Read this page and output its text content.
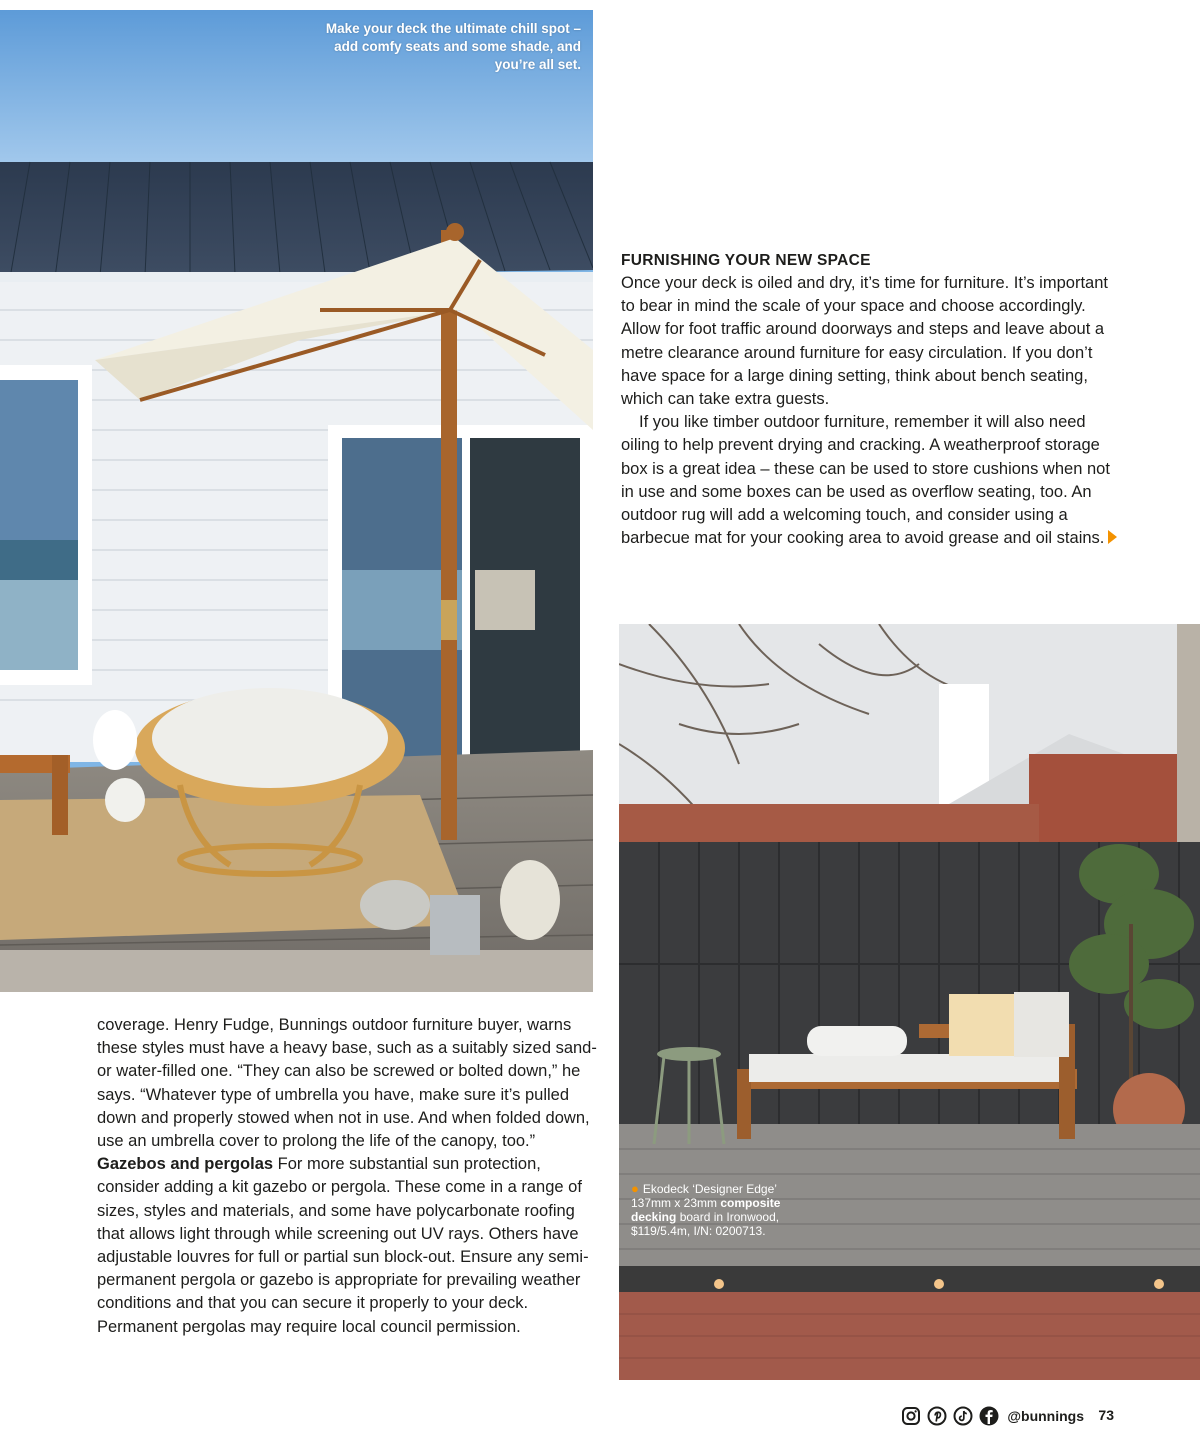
Make your deck the ultimate chill spot – add comfy seats and some shade, and you’re all set.
FURNISHING YOUR NEW SPACE

Once your deck is oiled and dry, it’s time for furniture. It’s important to bear in mind the scale of your space and choose accordingly. Allow for foot traffic around doorways and steps and leave about a metre clearance around furniture for easy circulation. If you don’t have space for a large dining setting, think about bench seating, which can take extra guests.

If you like timber outdoor furniture, remember it will also need oiling to help prevent drying and cracking. A weatherproof storage box is a great idea – these can be used to store cushions when not in use and some boxes can be used as overflow seating, too. An outdoor rug will add a welcoming touch, and consider using a barbecue mat for your cooking area to avoid grease and oil stains.

● Ekodeck ‘Designer Edge’
137mm x 23mm composite
decking board in Ironwood,
$119/5.4m, I/N: 0200713.

coverage. Henry Fudge, Bunnings outdoor furniture buyer, warns these styles must have a heavy base, such as a suitably sized sand- or water-filled one. “They can also be screwed or bolted down,” he says. “Whatever type of umbrella you have, make sure it’s pulled down and properly stowed when not in use. And when folded down, use an umbrella cover to prolong the life of the canopy, too.”

Gazebos and pergolas For more substantial sun protection, consider adding a kit gazebo or pergola. These come in a range of sizes, styles and materials, and some have polycarbonate roofing that allows light through while screening out UV rays. Others have adjustable louvres for full or partial sun block-out. Ensure any semi-permanent pergola or gazebo is appropriate for prevailing weather conditions and that you can secure it properly to your deck. Permanent pergolas may require local council permission.

@bunnings 73
